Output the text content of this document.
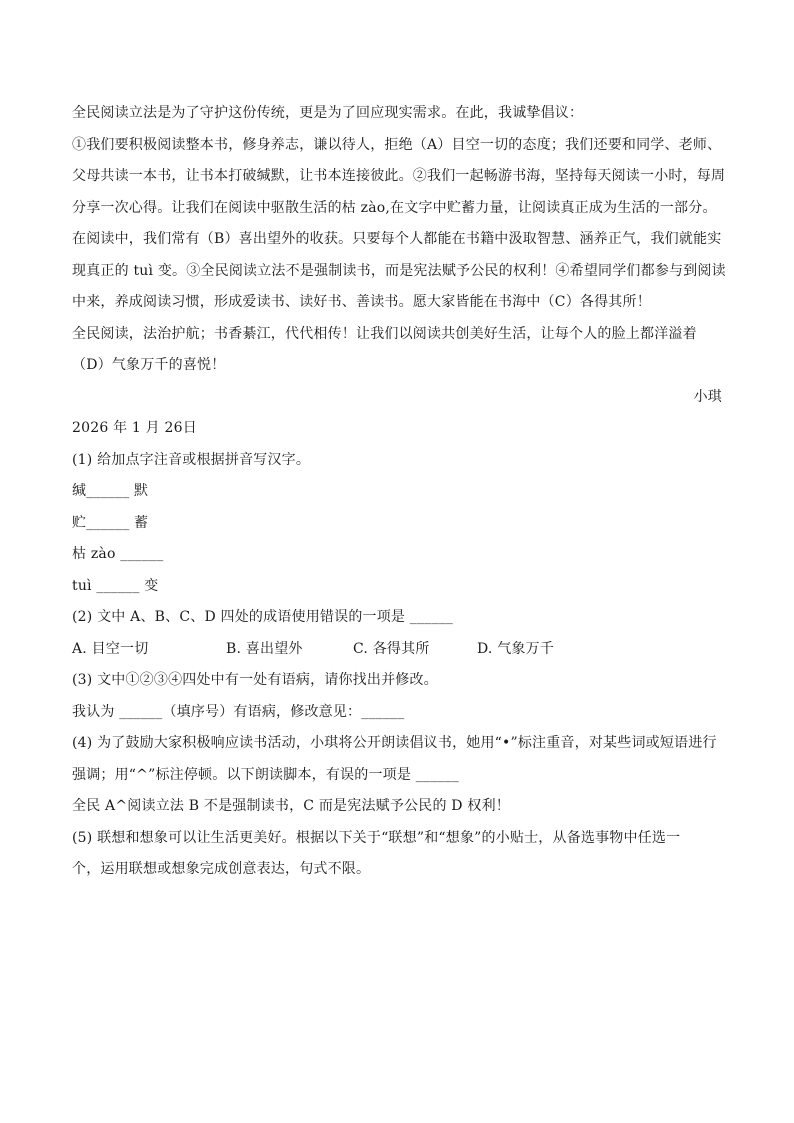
全民阅读立法是为了守护这份传统，更是为了回应现实需求。在此，我诚挚倡议：
①我们要积极阅读整本书，修身养志，谦以待人，拒绝（A）目空一切的态度；我们还要和同学、老师、
父母共读一本书，让书本打破缄默，让书本连接彼此。②我们一起畅游书海，坚持每天阅读一小时，每周
分享一次心得。让我们在阅读中驱散生活的枯 zào,在文字中贮蓄力量，让阅读真正成为生活的一部分。
在阅读中，我们常有（B）喜出望外的收获。只要每个人都能在书籍中汲取智慧、涵养正气，我们就能实
现真正的 tuì 变。③全民阅读立法不是强制读书，而是宪法赋予公民的权利！④希望同学们都参与到阅读
中来，养成阅读习惯，形成爱读书、读好书、善读书。愿大家皆能在书海中（C）各得其所！
全民阅读，法治护航；书香綦江，代代相传！让我们以阅读共创美好生活，让每个人的脸上都洋溢着
（D）气象万千的喜悦！
小琪
2026 年 1 月 26日
(1) 给加点字注音或根据拼音写汉字。
缄______ 默
贮______ 蓄
枯 zào ______
tuì ______ 变
(2) 文中 A、B、C、D 四处的成语使用错误的一项是 ______
A. 目空一切	B. 喜出望外	C. 各得其所	D. 气象万千
(3) 文中①②③④四处中有一处有语病，请你找出并修改。
我认为 ______（填序号）有语病，修改意见：______
(4) 为了鼓励大家积极响应读书活动，小琪将公开朗读倡议书，她用“•”标注重音，对某些词或短语进行
强调；用“^”标注停顿。以下朗读脚本，有误的一项是 ______
全民 A^阅读立法 B 不是强制读书，C 而是宪法赋予公民的 D 权利！
(5) 联想和想象可以让生活更美好。根据以下关于“联想”和“想象”的小贴士，从备选事物中任选一
个，运用联想或想象完成创意表达，句式不限。
